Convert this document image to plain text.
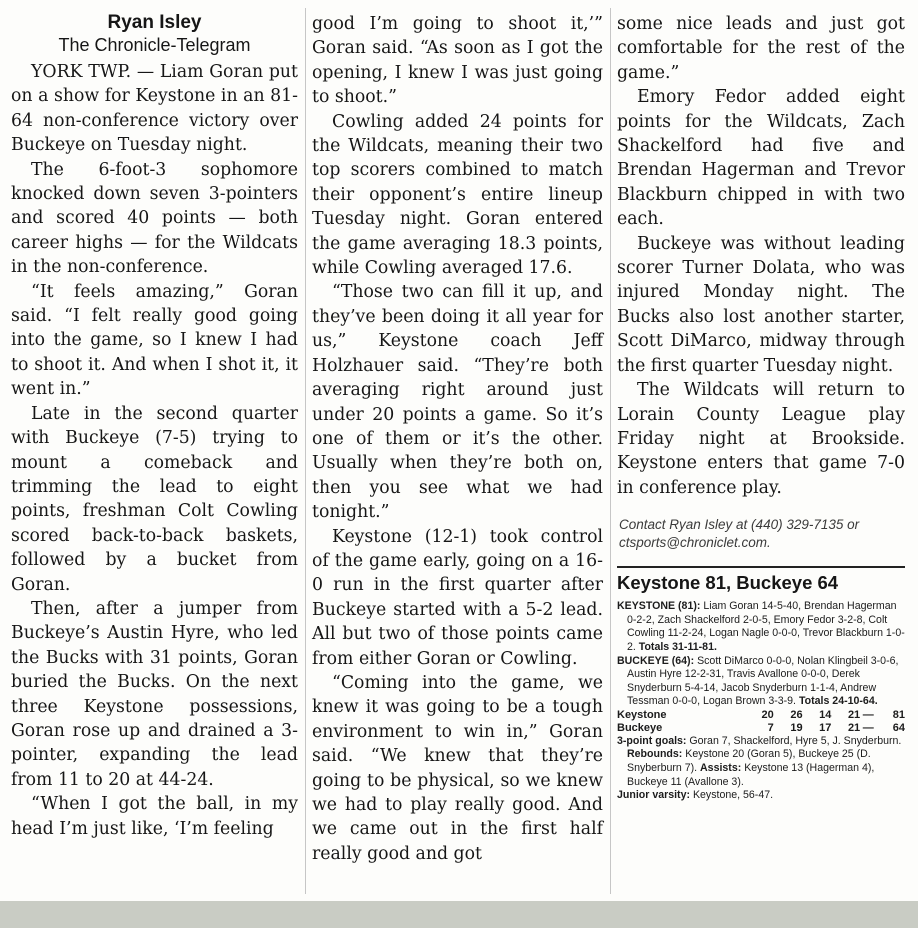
Ryan Isley

The Chronicle-Telegram

YORK TWP. — Liam Goran put on a show for Keystone in an 81-64 non-conference victory over Buckeye on Tuesday night.

The 6-foot-3 sophomore knocked down seven 3-pointers and scored 40 points — both career highs — for the Wildcats in the non-conference.

“It feels amazing,” Goran said. “I felt really good going into the game, so I knew I had to shoot it. And when I shot it, it went in.”

Late in the second quarter with Buckeye (7-5) trying to mount a comeback and trimming the lead to eight points, freshman Colt Cowling scored back-to-back baskets, followed by a bucket from Goran.

Then, after a jumper from Buckeye’s Austin Hyre, who led the Bucks with 31 points, Goran buried the Bucks. On the next three Keystone possessions, Goran rose up and drained a 3-pointer, expanding the lead from 11 to 20 at 44-24.

“When I got the ball, in my head I’m just like, ‘I’m feeling

good I’m going to shoot it,’” Goran said. “As soon as I got the opening, I knew I was just going to shoot.”

Cowling added 24 points for the Wildcats, meaning their two top scorers combined to match their opponent’s entire lineup Tuesday night. Goran entered the game averaging 18.3 points, while Cowling averaged 17.6.

“Those two can fill it up, and they’ve been doing it all year for us,” Keystone coach Jeff Holzhauer said. “They’re both averaging right around just under 20 points a game. So it’s one of them or it’s the other. Usually when they’re both on, then you see what we had tonight.”

Keystone (12-1) took control of the game early, going on a 16-0 run in the first quarter after Buckeye started with a 5-2 lead. All but two of those points came from either Goran or Cowling.

“Coming into the game, we knew it was going to be a tough environment to win in,” Goran said. “We knew that they’re going to be physical, so we knew we had to play really good. And we came out in the first half really good and got

some nice leads and just got comfortable for the rest of the game.”

Emory Fedor added eight points for the Wildcats, Zach Shackelford had five and Brendan Hagerman and Trevor Blackburn chipped in with two each.

Buckeye was without leading scorer Turner Dolata, who was injured Monday night. The Bucks also lost another starter, Scott DiMarco, midway through the first quarter Tuesday night.

The Wildcats will return to Lorain County League play Friday night at Brookside. Keystone enters that game 7-0 in conference play.

Contact Ryan Isley at (440) 329-7135 or ctsports@chroniclet.com.

Keystone 81, Buckeye 64

KEYSTONE (81): Liam Goran 14-5-40, Brendan Hagerman 0-2-2, Zach Shackelford 2-0-5, Emory Fedor 3-2-8, Colt Cowling 11-2-24, Logan Nagle 0-0-0, Trevor Blackburn 1-0-2. Totals 31-11-81.

BUCKEYE (64): Scott DiMarco 0-0-0, Nolan Klingbeil 3-0-6, Austin Hyre 12-2-31, Travis Avallone 0-0-0, Derek Snyderburn 5-4-14, Jacob Snyderburn 1-1-4, Andrew Tessman 0-0-0, Logan Brown 3-3-9. Totals 24-10-64.

Keystone	20	26	14	21	—	81
Buckeye	7	19	17	21	—	64

3-point goals: Goran 7, Shackelford, Hyre 5, J. Snyderburn. Rebounds: Keystone 20 (Goran 5), Buckeye 25 (D. Snyberburn 7). Assists: Keystone 13 (Hagerman 4), Buckeye 11 (Avallone 3).

Junior varsity: Keystone, 56-47.
